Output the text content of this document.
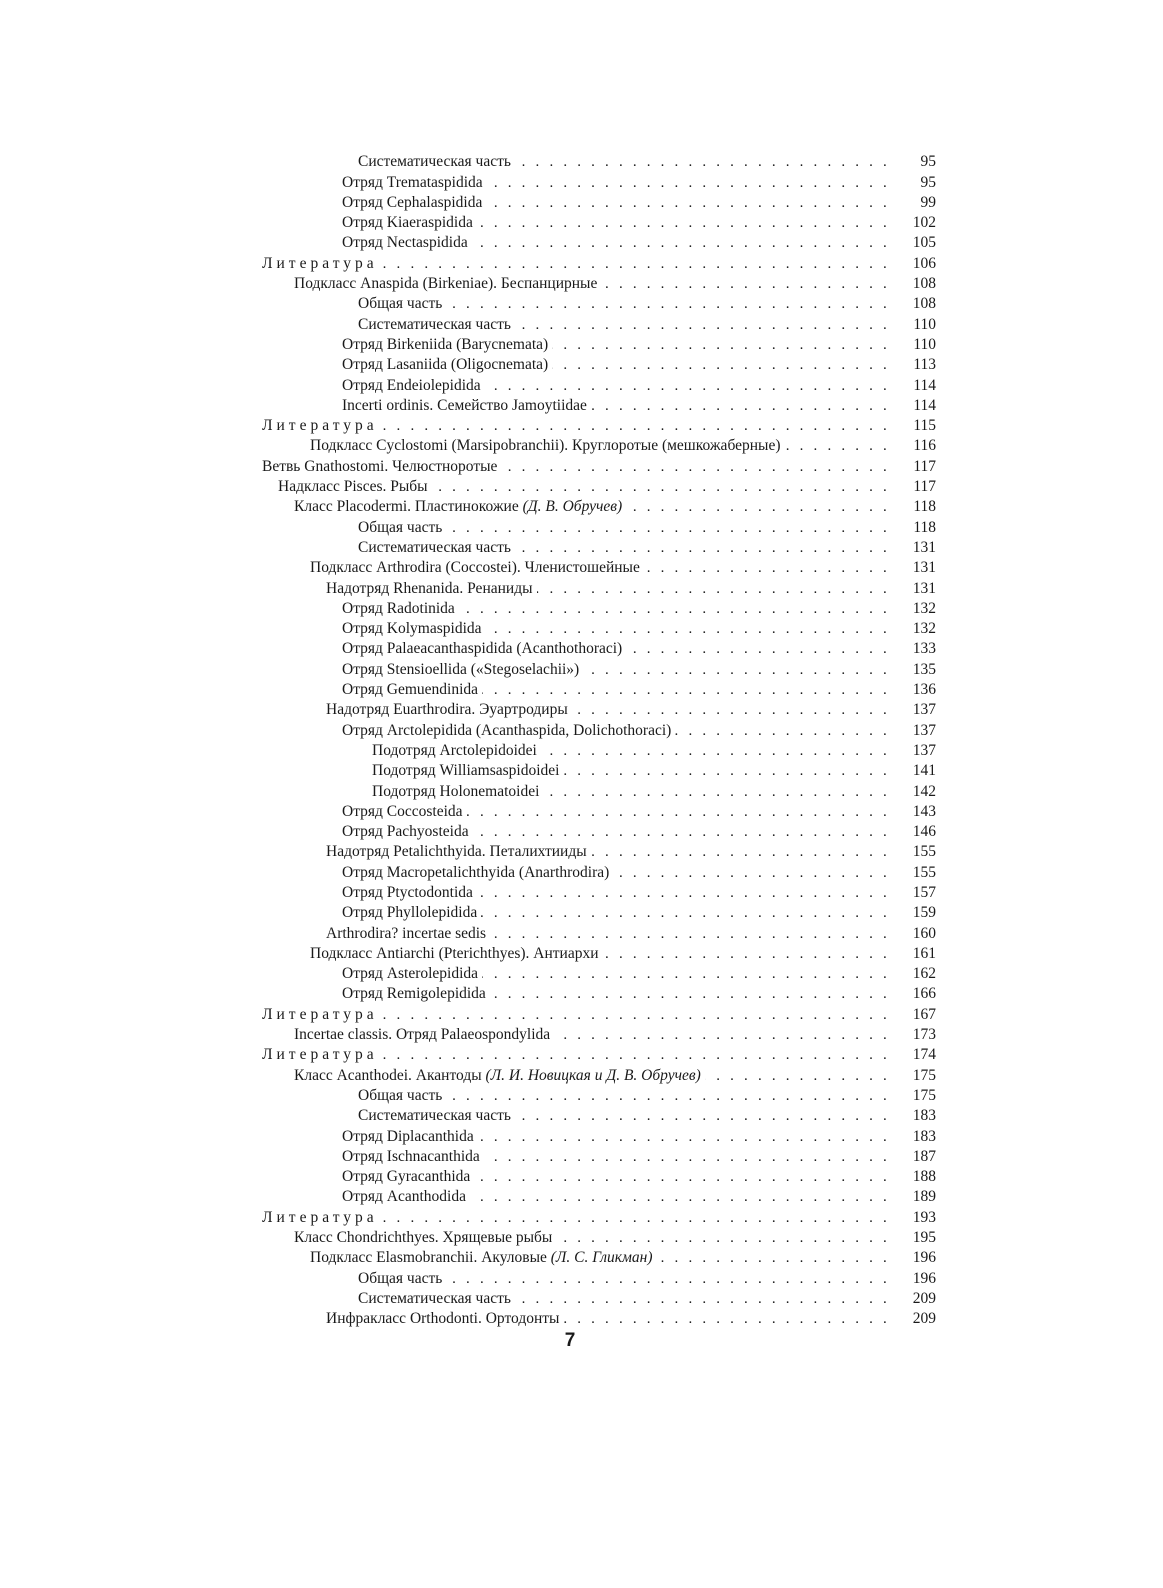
Систематическая часть . . .	95
Отряд Tremataspidida . . .	95
Отряд Cephalaspidida . . .	99
Отряд Kiaeraspidida . . .	102
Отряд Nectaspidida . . .	105
Литература . . .	106
Подкласс Anaspida (Birkeniae). Беспанцирные . . .	108
Общая часть . . .	108
Систематическая часть . . .	110
Отряд Birkeniida (Barycnemata) . . .	110
Отряд Lasaniida (Oligocnemata) . . .	113
Отряд Endeiolepidida . . .	114
Incerti ordinis. Семейство Jamoytiidae . . .	114
Литература . . .	115
Подкласс Cyclostomi (Marsipobranchii). Круглоротые (мешкожаберные) . . .	116
Ветвь Gnathostomi. Челюстноротые . . .	117
Надкласс Pisces. Рыбы . . .	117
Класс Placodermi. Пластинокожие (Д. В. Обручев) . . .	118
Общая часть . . .	118
Систематическая часть . . .	131
Подкласс Arthrodira (Coccostei). Членистошейные . . .	131
Надотряд Rhenanida. Ренаниды . . .	131
Отряд Radotinida . . .	132
Отряд Kolymaspidida . . .	132
Отряд Palaeacanthaspidida (Acanthothoraci) . . .	133
Отряд Stensioellida («Stegoselachii») . . .	135
Отряд Gemuendinida . . .	136
Надотряд Euarthrodira. Эуартродиры . . .	137
Отряд Arctolepidida (Acanthaspida, Dolichothoraci) . . .	137
Подотряд Arctolepidoidei . . .	137
Подотряд Williamsaspidoidei . . .	141
Подотряд Holonematoidei . . .	142
Отряд Coccosteida . . .	143
Отряд Pachyosteida . . .	146
Надотряд Petalichthyida. Петалихтииды . . .	155
Отряд Macropetalichthyida (Anarthrodira) . . .	155
Отряд Ptyctodontida . . .	157
Отряд Phyllolepidida . . .	159
Arthrodira? incertae sedis . . .	160
Подкласс Antiarchi (Pterichthyes). Антиархи . . .	161
Отряд Asterolepidida . . .	162
Отряд Remigolepidida . . .	166
Литература . . .	167
Incertae classis. Отряд Palaeospondylida . . .	173
Литература . . .	174
Класс Acanthodei. Акантоды (Л. И. Новицкая и Д. В. Обручев) . . .	175
Общая часть . . .	175
Систематическая часть . . .	183
Отряд Diplacanthida . . .	183
Отряд Ischnacanthida . . .	187
Отряд Gyracanthida . . .	188
Отряд Acanthodida . . .	189
Литература . . .	193
Класс Chondrichthyes. Хрящевые рыбы . . .	195
Подкласс Elasmobranchii. Акуловые (Л. С. Гликман) . . .	196
Общая часть . . .	196
Систематическая часть . . .	209
Инфракласс Orthodonti. Ортодонты . . .	209
7
